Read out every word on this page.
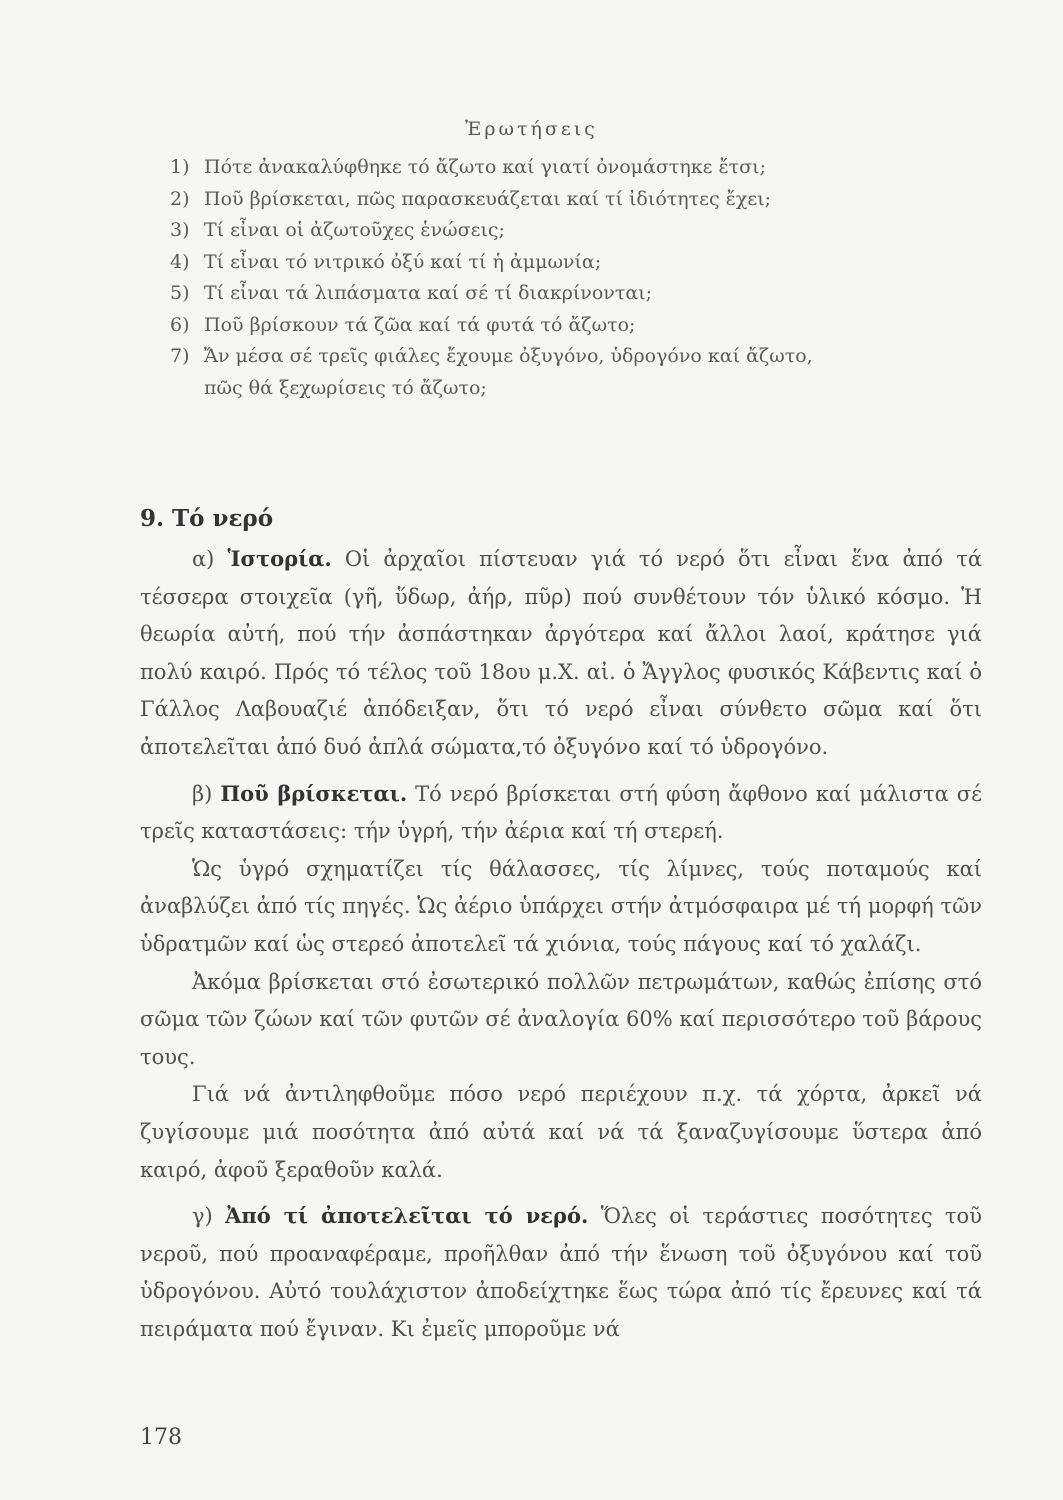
Ἐρωτήσεις
1) Πότε ἀνακαλύφθηκε τό ἄζωτο καί γιατί ὀνομάστηκε ἔτσι;
2) Ποῦ βρίσκεται, πῶς παρασκευάζεται καί τί ἰδιότητες ἔχει;
3) Τί εἶναι οἱ ἀζωτοῦχες ἑνώσεις;
4) Τί εἶναι τό νιτρικό ὀξύ καί τί ἡ ἀμμωνία;
5) Τί εἶναι τά λιπάσματα καί σέ τί διακρίνονται;
6) Ποῦ βρίσκουν τά ζῶα καί τά φυτά τό ἄζωτο;
7) Ἄν μέσα σέ τρεῖς φιάλες ἔχουμε ὀξυγόνο, ὑδρογόνο καί ἄζωτο,
πῶς θά ξεχωρίσεις τό ἄζωτο;
9. Τό νερό

α) Ἱστορία. Οἱ ἀρχαῖοι πίστευαν γιά τό νερό ὅτι εἶναι ἕνα ἀπό τά τέσσερα στοιχεῖα (γῆ, ὕδωρ, ἀήρ, πῦρ) πού συνθέτουν τόν ὑλικό κόσμο. Ἡ θεωρία αὐτή, πού τήν ἀσπάστηκαν ἀργότερα καί ἄλλοι λαοί, κράτησε γιά πολύ καιρό. Πρός τό τέλος τοῦ 18ου μ.Χ. αἰ. ὁ Ἄγγλος φυσικός Κάβεντις καί ὁ Γάλλος Λαβουαζιέ ἀπόδειξαν, ὅτι τό νερό εἶναι σύνθετο σῶμα καί ὅτι ἀποτελεῖται ἀπό δυό ἁπλά σώματα,τό ὀξυγόνο καί τό ὑδρογόνο.

β) Ποῦ βρίσκεται. Τό νερό βρίσκεται στή φύση ἄφθονο καί μάλιστα σέ τρεῖς καταστάσεις: τήν ὑγρή, τήν ἀέρια καί τή στερεή.

Ὡς ὑγρό σχηματίζει τίς θάλασσες, τίς λίμνες, τούς ποταμούς καί ἀναβλύζει ἀπό τίς πηγές. Ὡς ἀέριο ὑπάρχει στήν ἀτμόσφαιρα μέ τή μορφή τῶν ὑδρατμῶν καί ὡς στερεό ἀποτελεῖ τά χιόνια, τούς πάγους καί τό χαλάζι.

Ἀκόμα βρίσκεται στό ἐσωτερικό πολλῶν πετρωμάτων, καθώς ἐπίσης στό σῶμα τῶν ζώων καί τῶν φυτῶν σέ ἀναλογία 60% καί περισσότερο τοῦ βάρους τους.

Γιά νά ἀντιληφθοῦμε πόσο νερό περιέχουν π.χ. τά χόρτα, ἀρκεῖ νά ζυγίσουμε μιά ποσότητα ἀπό αὐτά καί νά τά ξαναζυγίσουμε ὕστερα ἀπό καιρό, ἀφοῦ ξεραθοῦν καλά.

γ) Ἀπό τί ἀποτελεῖται τό νερό. Ὅλες οἱ τεράστιες ποσότητες τοῦ νεροῦ, πού προαναφέραμε, προῆλθαν ἀπό τήν ἕνωση τοῦ ὀξυγόνου καί τοῦ ὑδρογόνου. Αὐτό τουλάχιστον ἀποδείχτηκε ἕως τώρα ἀπό τίς ἔρευνες καί τά πειράματα πού ἔγιναν. Κι ἐμεῖς μποροῦμε νά

178
